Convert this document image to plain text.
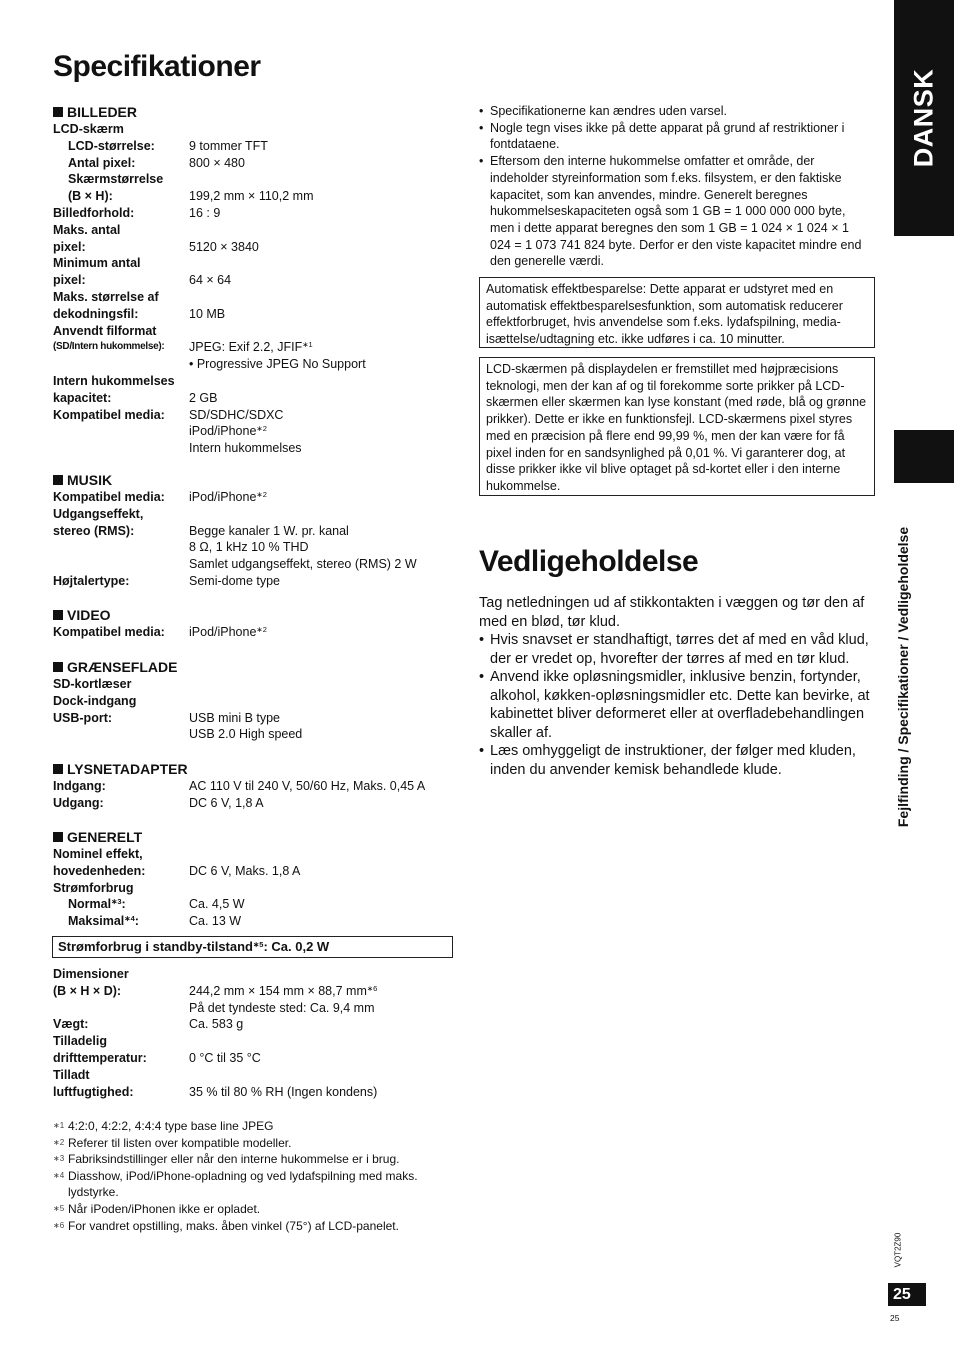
Specifikationer
DANSK
Fejlfinding / Specifikationer / Vedligeholdelse
VQT2Z90
25
25
BILLEDER
LCD-skærm
LCD-størrelse:	9 tommer TFT
Antal pixel:	800 × 480
Skærmstørrelse
(B × H):	199,2 mm × 110,2 mm
Billedforhold:	16 : 9
Maks. antal
pixel:	5120 × 3840
Minimum antal
pixel:	64 × 64
Maks. størrelse af
dekodningsfil:	10 MB
Anvendt filformat
(SD/Intern hukommelse):	JPEG: Exif 2.2, $JFIF^{∗1}$
• Progressive JPEG No Support
Intern hukommelses
kapacitet:	2 GB
Kompatibel media:	SD/SDHC/SDXC
iPod/iPhone$^{∗2}$
Intern hukommelses
MUSIK
Kompatibel media:	iPod/iPhone$^{∗2}$
Udgangseffekt,
stereo (RMS):	Begge kanaler 1 W. pr. kanal
8 Ω, 1 kHz 10 % THD
Samlet udgangseffekt, stereo (RMS) 2 W
Højtalertype:	Semi-dome type
VIDEO
Kompatibel media:	iPod/iPhone$^{∗2}$
GRÆNSEFLADE
SD-kortlæser
Dock-indgang
USB-port:	USB mini B type
USB 2.0 High speed
LYSNETADAPTER
Indgang:	AC 110 V til 240 V, 50/60 Hz, Maks. 0,45 A
Udgang:	DC 6 V, 1,8 A
GENERELT
Nominel effekt,
hovedenheden:	DC 6 V, Maks. 1,8 A
Strømforbrug
Normal$^{∗3}$:	Ca. 4,5 W
Maksimal$^{∗4}$:	Ca. 13 W
Strømforbrug i standby-tilstand$^{∗5}$: Ca. 0,2 W
Dimensioner
(B × H × D):	244,2 mm × 154 mm × 88,7 $mm^{∗6}$
På det tyndeste sted: Ca. 9,4 mm
Vægt:	Ca. 583 g
Tilladelig
drifttemperatur:	0 °C til 35 °C
Tilladt
luftfugtighed:	35 % til 80 % RH (Ingen kondens)
∗1 4:2:0, 4:2:2, 4:4:4 type base line JPEG
∗2 Referer til listen over kompatible modeller.
∗3 Fabriksindstillinger eller når den interne hukommelse er i brug.
∗4 Diasshow, iPod/iPhone-opladning og ved lydafspilning med maks. lydstyrke.
∗5 Når iPoden/iPhonen ikke er opladet.
∗6 For vandret opstilling, maks. åben vinkel (75°) af LCD-panelet.
• Specifikationerne kan ændres uden varsel.
• Nogle tegn vises ikke på dette apparat på grund af restriktioner i fontdataene.
• Eftersom den interne hukommelse omfatter et område, der indeholder styreinformation som f.eks. filsystem, er den faktiske kapacitet, som kan anvendes, mindre. Generelt beregnes hukommelseskapaciteten også som 1 GB = 1 000 000 000 byte, men i dette apparat beregnes den som 1 GB = 1 024 × 1 024 × 1 024 = 1 073 741 824 byte. Derfor er den viste kapacitet mindre end den generelle værdi.
Automatisk effektbesparelse: Dette apparat er udstyret med en automatisk effektbesparelsesfunktion, som automatisk reducerer effektforbruget, hvis anvendelse som f.eks. lydafspilning, media-isættelse/udtagning etc. ikke udføres i ca. 10 minutter.
LCD-skærmen på displaydelen er fremstillet med højpræcisions teknologi, men der kan af og til forekomme sorte prikker på LCD-skærmen eller skærmen kan lyse konstant (med røde, blå og grønne prikker). Dette er ikke en funktionsfejl. LCD-skærmens pixel styres med en præcision på flere end 99,99 %, men der kan være for få pixel inden for en sandsynlighed på 0,01 %. Vi garanterer dog, at disse prikker ikke vil blive optaget på sd-kortet eller i den interne hukommelse.
Vedligeholdelse
Tag netledningen ud af stikkontakten i væggen og tør den af med en blød, tør klud.
• Hvis snavset er standhaftigt, tørres det af med en våd klud, der er vredet op, hvorefter der tørres af med en tør klud.
• Anvend ikke opløsningsmidler, inklusive benzin, fortynder, alkohol, køkken-opløsningsmidler etc. Dette kan bevirke, at kabinettet bliver deformeret eller at overfladebehandlingen skaller af.
• Læs omhyggeligt de instruktioner, der følger med kluden, inden du anvender kemisk behandlede klude.
